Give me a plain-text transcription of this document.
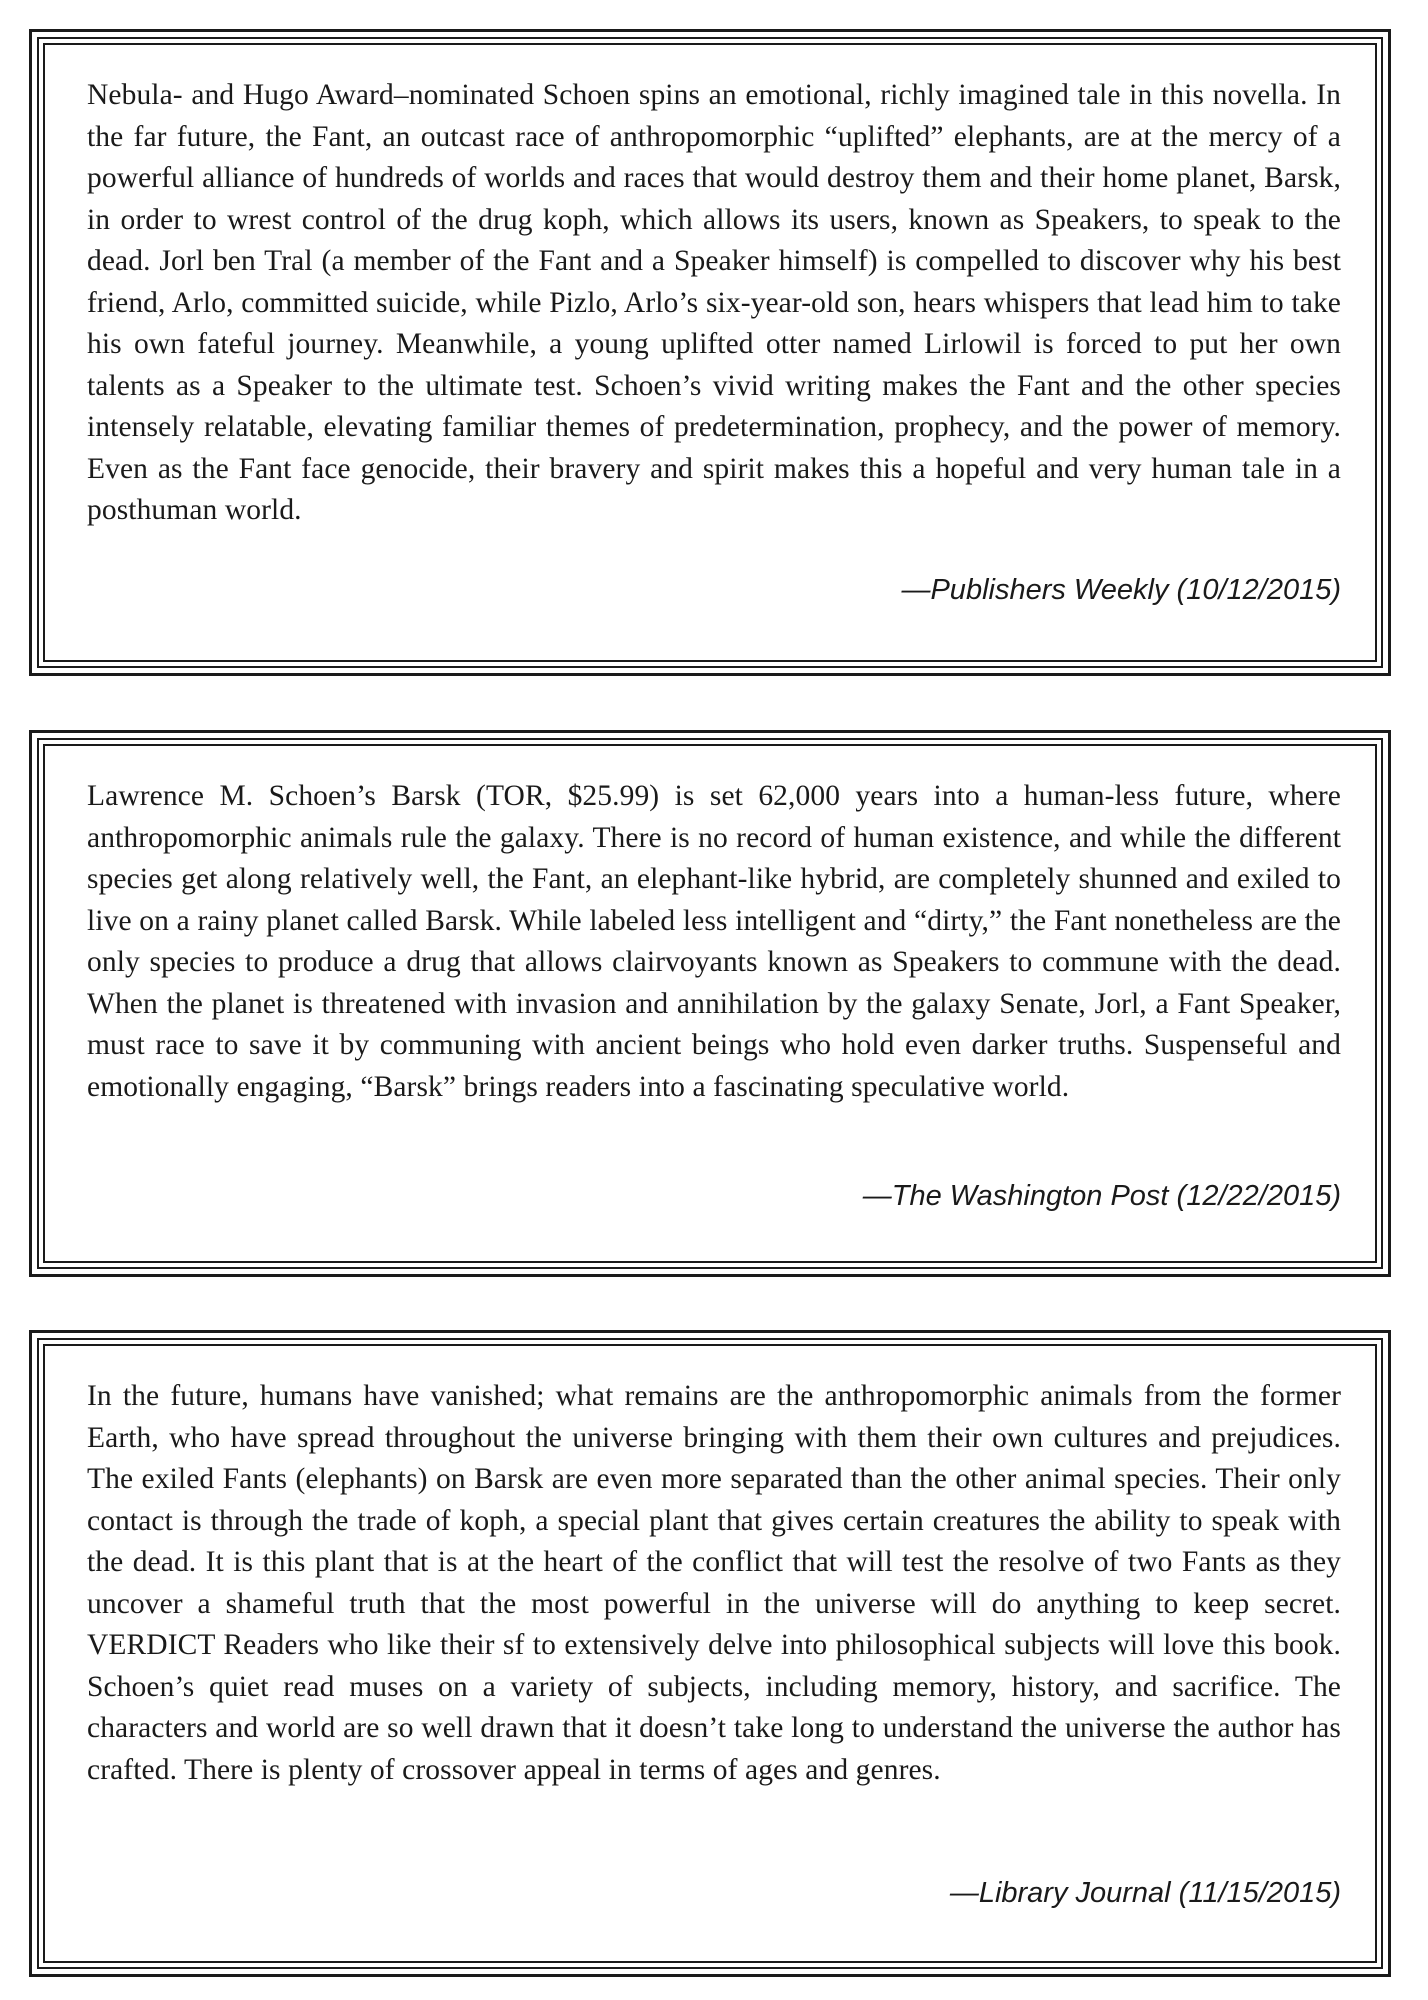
Nebula- and Hugo Award–nominated Schoen spins an emotional, richly imagined tale in this novella. In the far future, the Fant, an outcast race of anthropomorphic “uplifted” elephants, are at the mercy of a powerful alliance of hundreds of worlds and races that would destroy them and their home planet, Barsk, in order to wrest control of the drug koph, which allows its users, known as Speakers, to speak to the dead. Jorl ben Tral (a member of the Fant and a Speaker himself) is compelled to discover why his best friend, Arlo, committed suicide, while Pizlo, Arlo’s six-year-old son, hears whispers that lead him to take his own fateful journey. Meanwhile, a young uplifted otter named Lirlowil is forced to put her own talents as a Speaker to the ultimate test. Schoen’s vivid writing makes the Fant and the other species intensely relatable, elevating familiar themes of predetermination, prophecy, and the power of memory. Even as the Fant face genocide, their bravery and spirit makes this a hopeful and very human tale in a posthuman world.

—Publishers Weekly (10/12/2015)

Lawrence M. Schoen’s Barsk (TOR, $25.99) is set 62,000 years into a human-less future, where anthropomorphic animals rule the galaxy. There is no record of human existence, and while the different species get along relatively well, the Fant, an elephant-like hybrid, are completely shunned and exiled to live on a rainy planet called Barsk. While labeled less intelligent and “dirty,” the Fant nonetheless are the only species to produce a drug that allows clairvoyants known as Speakers to commune with the dead. When the planet is threatened with invasion and annihilation by the galaxy Senate, Jorl, a Fant Speaker, must race to save it by communing with ancient beings who hold even darker truths. Suspenseful and emotionally engaging, “Barsk” brings readers into a fascinating speculative world.

—The Washington Post (12/22/2015)

In the future, humans have vanished; what remains are the anthropomorphic animals from the former Earth, who have spread throughout the universe bringing with them their own cultures and prejudices. The exiled Fants (elephants) on Barsk are even more separated than the other animal species. Their only contact is through the trade of koph, a special plant that gives certain creatures the ability to speak with the dead. It is this plant that is at the heart of the conflict that will test the resolve of two Fants as they uncover a shameful truth that the most powerful in the universe will do anything to keep secret. VERDICT Readers who like their sf to extensively delve into philosophical subjects will love this book. Schoen’s quiet read muses on a variety of subjects, including memory, history, and sacrifice. The characters and world are so well drawn that it doesn’t take long to understand the universe the author has crafted. There is plenty of crossover appeal in terms of ages and genres.

—Library Journal (11/15/2015)
